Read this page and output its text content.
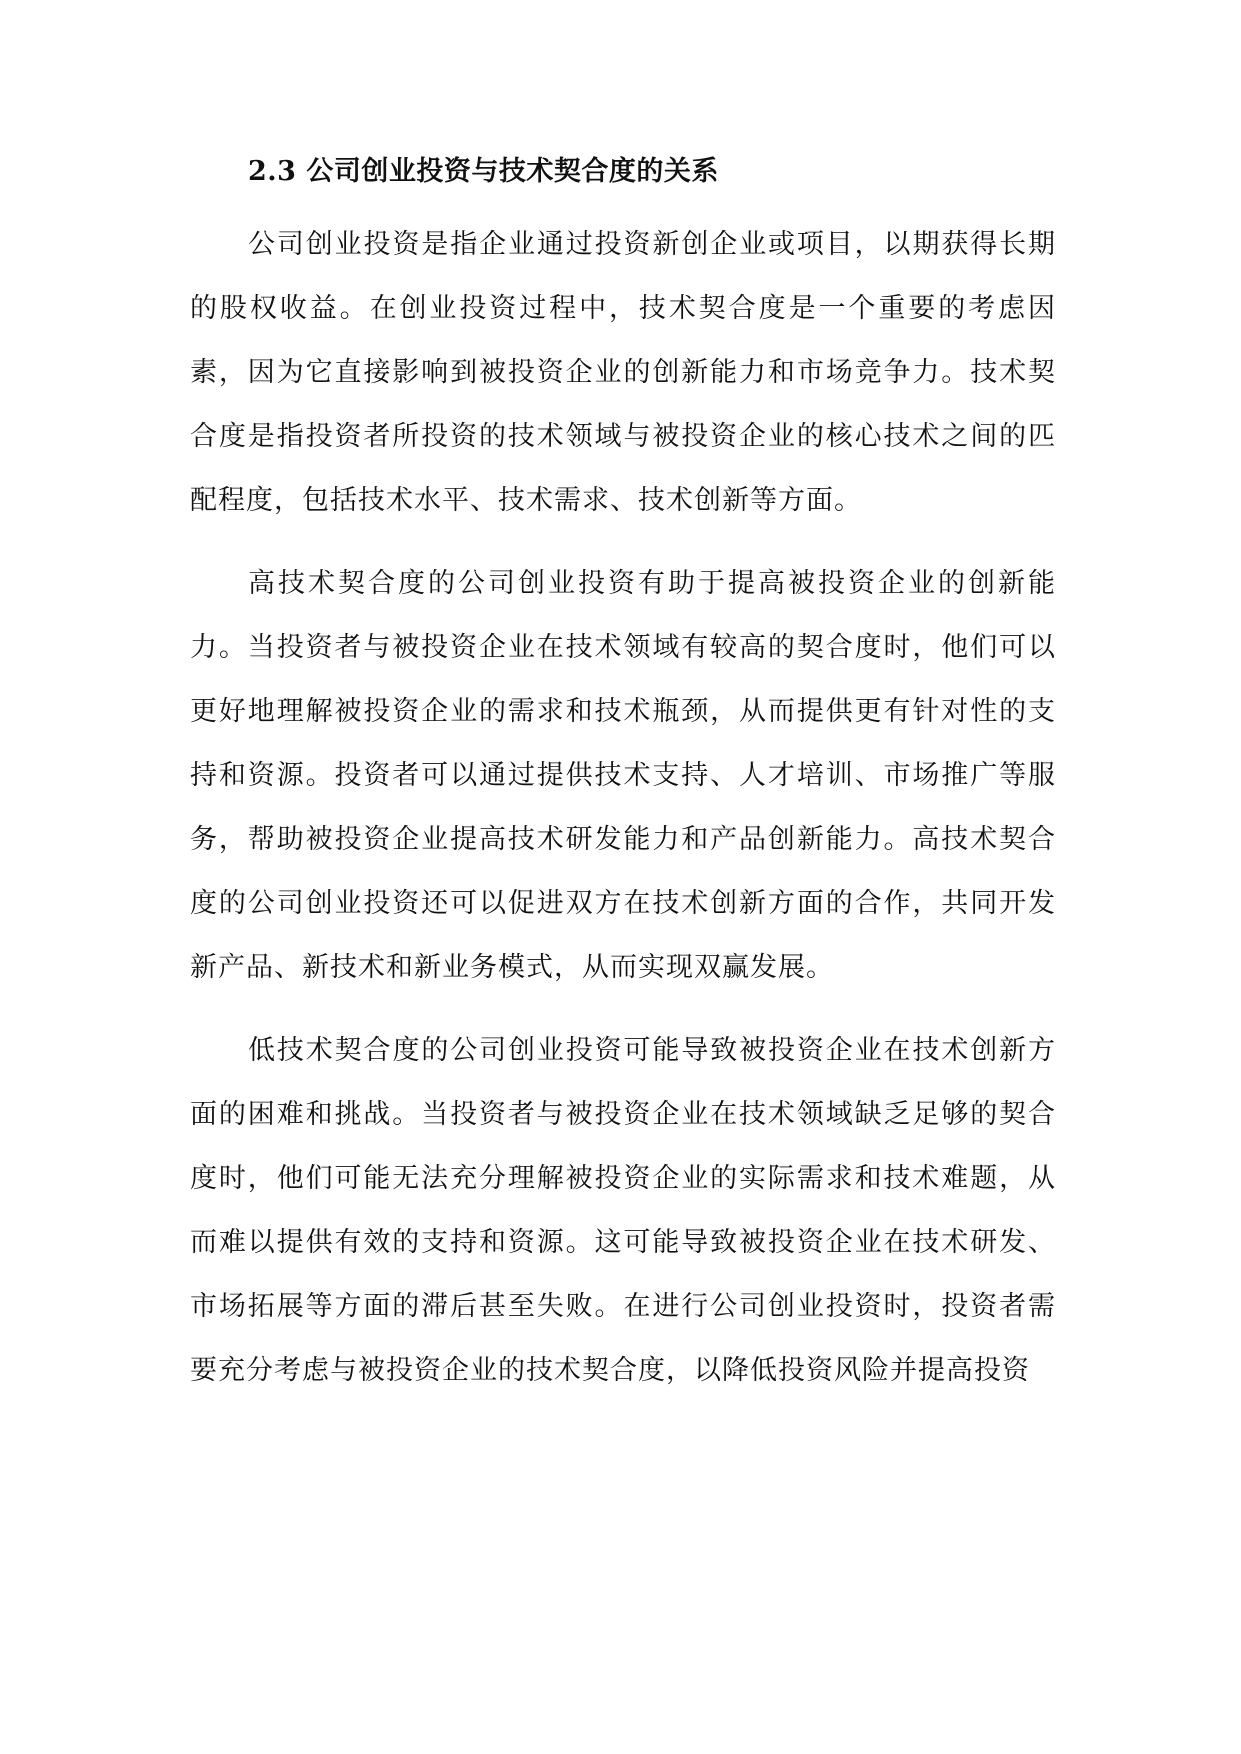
2.3 公司创业投资与技术契合度的关系

公司创业投资是指企业通过投资新创企业或项目，以期获得长期的股权收益。在创业投资过程中，技术契合度是一个重要的考虑因素，因为它直接影响到被投资企业的创新能力和市场竞争力。技术契合度是指投资者所投资的技术领域与被投资企业的核心技术之间的匹配程度，包括技术水平、技术需求、技术创新等方面。

高技术契合度的公司创业投资有助于提高被投资企业的创新能力。当投资者与被投资企业在技术领域有较高的契合度时，他们可以更好地理解被投资企业的需求和技术瓶颈，从而提供更有针对性的支持和资源。投资者可以通过提供技术支持、人才培训、市场推广等服务，帮助被投资企业提高技术研发能力和产品创新能力。高技术契合度的公司创业投资还可以促进双方在技术创新方面的合作，共同开发新产品、新技术和新业务模式，从而实现双赢发展。

低技术契合度的公司创业投资可能导致被投资企业在技术创新方面的困难和挑战。当投资者与被投资企业在技术领域缺乏足够的契合度时，他们可能无法充分理解被投资企业的实际需求和技术难题，从而难以提供有效的支持和资源。这可能导致被投资企业在技术研发、市场拓展等方面的滞后甚至失败。在进行公司创业投资时，投资者需要充分考虑与被投资企业的技术契合度，以降低投资风险并提高投资
